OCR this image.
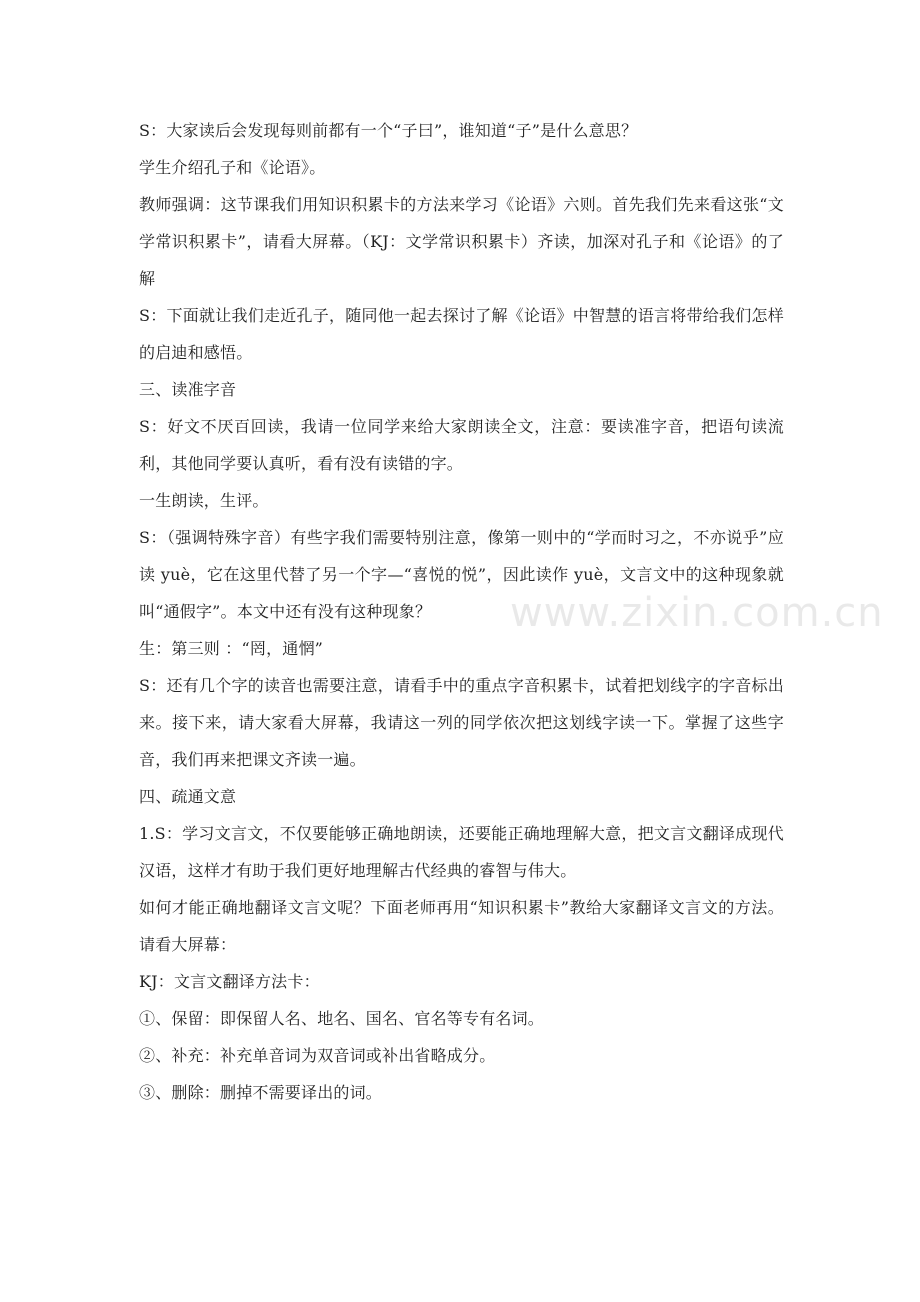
www.zixin.com.cn

S：大家读后会发现每则前都有一个“子曰”，谁知道“子”是什么意思？

学生介绍孔子和《论语》。

教师强调：这节课我们用知识积累卡的方法来学习《论语》六则。首先我们先来看这张“文学常识积累卡”，请看大屏幕。（KJ：文学常识积累卡）齐读，加深对孔子和《论语》的了解

S：下面就让我们走近孔子，随同他一起去探讨了解《论语》中智慧的语言将带给我们怎样的启迪和感悟。

三、读准字音

S：好文不厌百回读，我请一位同学来给大家朗读全文，注意：要读准字音，把语句读流利，其他同学要认真听，看有没有读错的字。

一生朗读，生评。

S：（强调特殊字音）有些字我们需要特别注意，像第一则中的“学而时习之，不亦说乎”应读 yuè，它在这里代替了另一个字—“喜悦的悦”，因此读作 yuè，文言文中的这种现象就叫“通假字”。本文中还有没有这种现象？

生：第三则 ：“罔，通惘”

S：还有几个字的读音也需要注意，请看手中的重点字音积累卡，试着把划线字的字音标出来。接下来，请大家看大屏幕，我请这一列的同学依次把这划线字读一下。掌握了这些字音，我们再来把课文齐读一遍。

四、疏通文意

1.S：学习文言文，不仅要能够正确地朗读，还要能正确地理解大意，把文言文翻译成现代汉语，这样才有助于我们更好地理解古代经典的睿智与伟大。

如何才能正确地翻译文言文呢？下面老师再用“知识积累卡”教给大家翻译文言文的方法。请看大屏幕：

KJ：文言文翻译方法卡：

①、保留：即保留人名、地名、国名、官名等专有名词。

②、补充：补充单音词为双音词或补出省略成分。

③、删除：删掉不需要译出的词。
